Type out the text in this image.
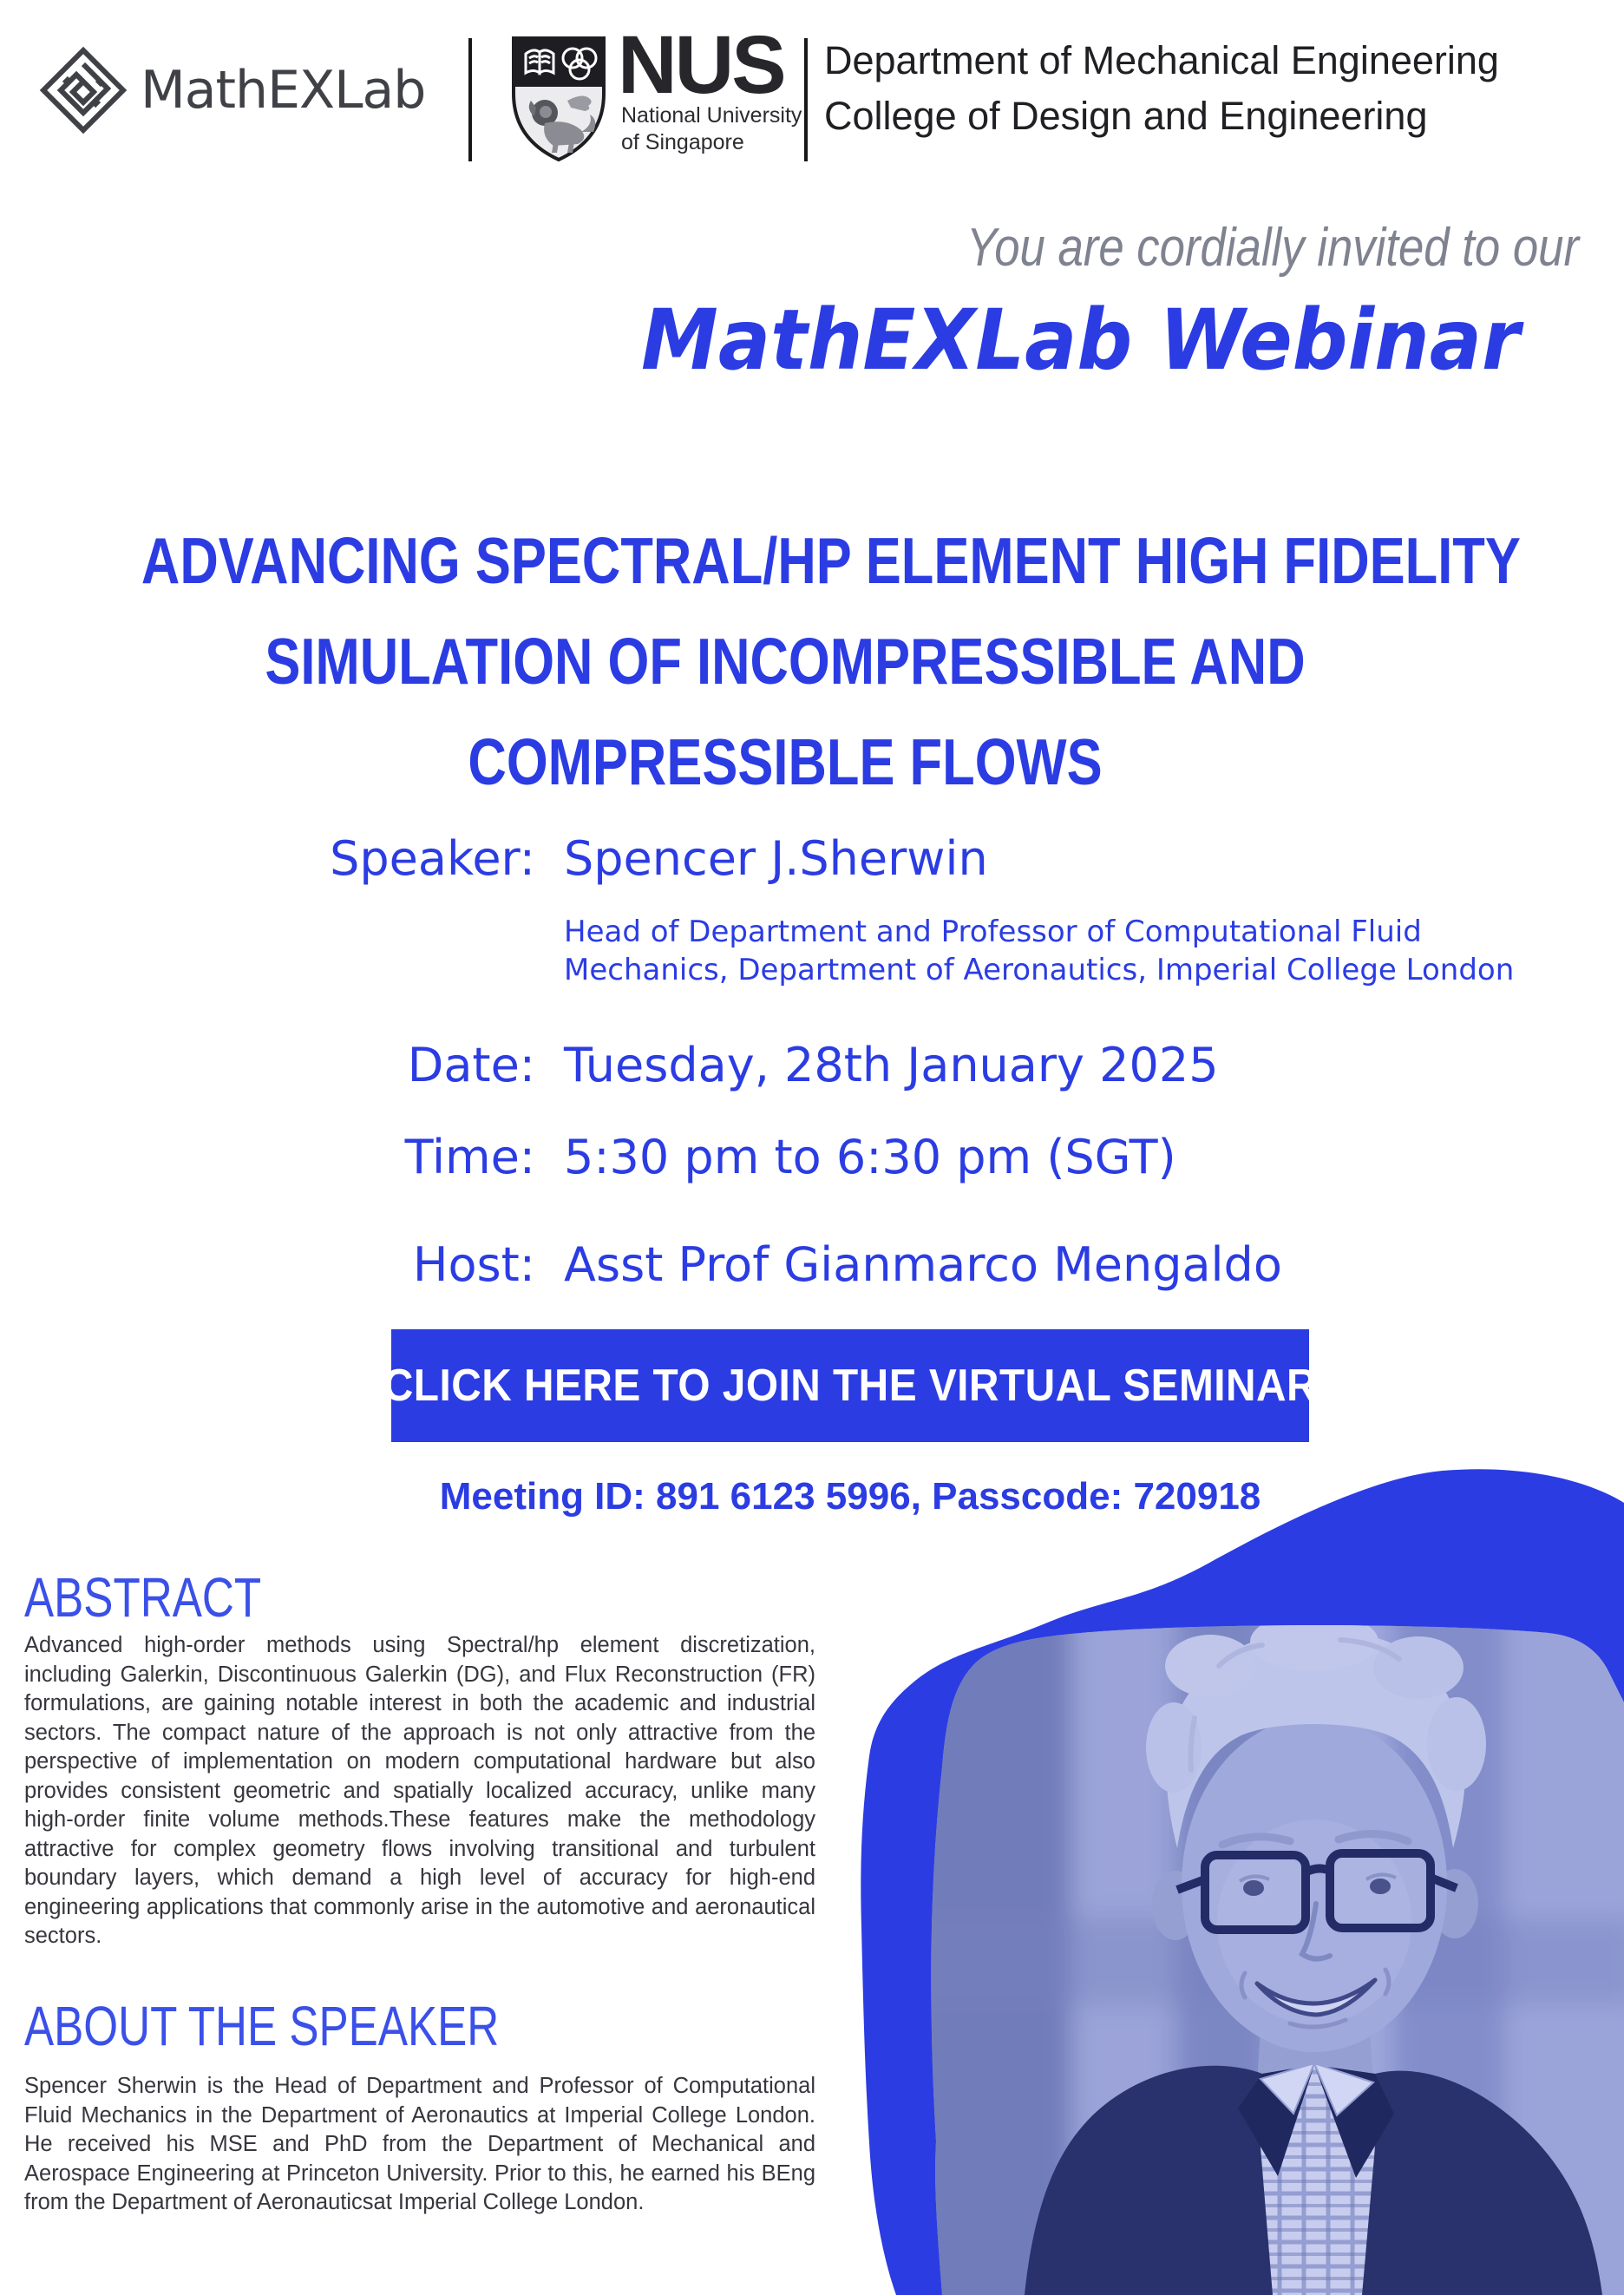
MathEXLab NUS
National University
of Singapore
Department of Mechanical Engineering
College of Design and Engineering
You are cordially invited to our
MathEXLab Webinar
ADVANCING SPECTRAL/HP ELEMENT HIGH FIDELITY
SIMULATION OF INCOMPRESSIBLE AND
COMPRESSIBLE FLOWS
Speaker: Spencer J.Sherwin
Head of Department and Professor of Computational Fluid
Mechanics, Department of Aeronautics, Imperial College London
Date: Tuesday, 28th January 2025
Time: 5:30 pm to 6:30 pm (SGT)
Host: Asst Prof Gianmarco Mengaldo
CLICK HERE TO JOIN THE VIRTUAL SEMINAR
Meeting ID: 891 6123 5996, Passcode: 720918
ABSTRACT
Advanced high-order methods using Spectral/hp element discretization, including Galerkin, Discontinuous Galerkin (DG), and Flux Reconstruction (FR) formulations, are gaining notable interest in both the academic and industrial sectors. The compact nature of the approach is not only attractive from the perspective of implementation on modern computational hardware but also provides consistent geometric and spatially localized accuracy, unlike many high-order finite volume methods.These features make the methodology attractive for complex geometry flows involving transitional and turbulent boundary layers, which demand a high level of accuracy for high-end engineering applications that commonly arise in the automotive and aeronautical sectors.
ABOUT THE SPEAKER
Spencer Sherwin is the Head of Department and Professor of Computational Fluid Mechanics in the Department of Aeronautics at Imperial College London. He received his MSE and PhD from the Department of Mechanical and Aerospace Engineering at Princeton University. Prior to this, he earned his BEng from the Department of Aeronauticsat Imperial College London.
